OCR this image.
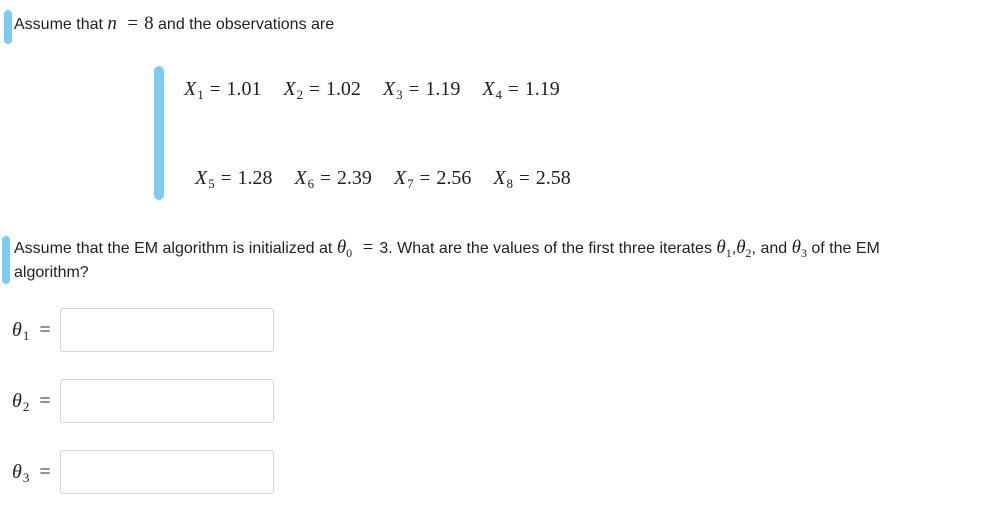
Assume that n = 8 and the observations are
X 1 = 1.01 X 2 = 1.02 X 3 = 1.19 X 4 = 1.19
X 5 = 1.28 X 6 = 2.39 X 7 = 2.56 X 8 = 2.58
Assume that the EM algorithm is initialized at $\theta_0 = 3$. What are the values of the first three iterates $\theta_1,\theta_2$, and $\theta_3$ of the EM
algorithm?
θ 1 =
θ 2 =
θ 3 =
